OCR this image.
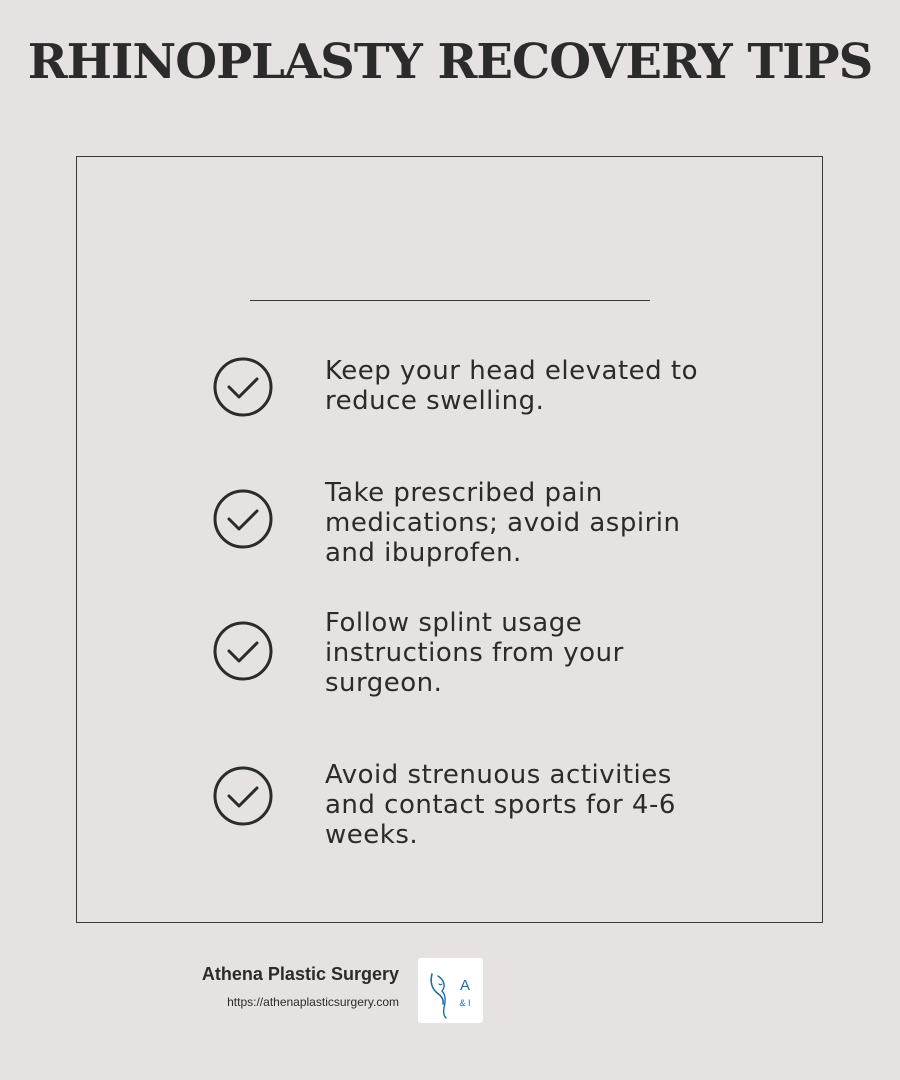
RHINOPLASTY RECOVERY TIPS
Keep your head elevated to reduce swelling.
Take prescribed pain medications; avoid aspirin and ibuprofen.
Follow splint usage instructions from your surgeon.
Avoid strenuous activities and contact sports for 4-6 weeks.
Athena Plastic Surgery
https://athenaplasticsurgery.com
A
& I
